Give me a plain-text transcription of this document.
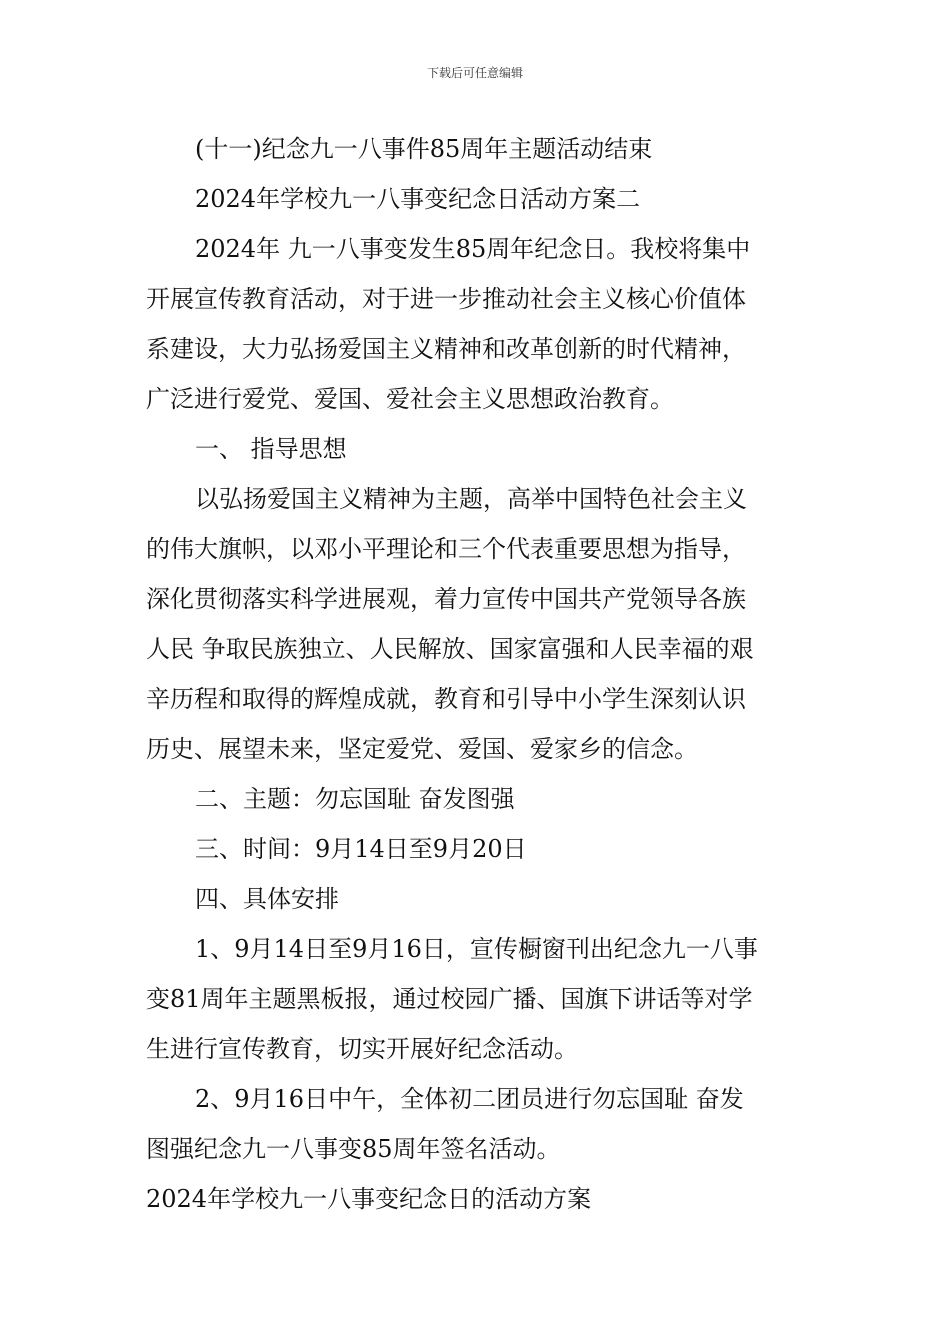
下载后可任意编辑
(十一)纪念九一八事件85周年主题活动结束
2024年学校九一八事变纪念日活动方案二
2024年 九一八事变发生85周年纪念日。我校将集中
开展宣传教育活动，对于进一步推动社会主义核心价值体
系建设，大力弘扬爱国主义精神和改革创新的时代精神，
广泛进行爱党、爱国、爱社会主义思想政治教育。
一、 指导思想
以弘扬爱国主义精神为主题，高举中国特色社会主义
的伟大旗帜，以邓小平理论和三个代表重要思想为指导，
深化贯彻落实科学进展观，着力宣传中国共产党领导各族
人民 争取民族独立、人民解放、国家富强和人民幸福的艰
辛历程和取得的辉煌成就，教育和引导中小学生深刻认识
历史、展望未来，坚定爱党、爱国、爱家乡的信念。
二、主题：勿忘国耻 奋发图强
三、时间：9月14日至9月20日
四、具体安排
1、9月14日至9月16日，宣传橱窗刊出纪念九一八事
变81周年主题黑板报，通过校园广播、国旗下讲话等对学
生进行宣传教育，切实开展好纪念活动。
2、9月16日中午，全体初二团员进行勿忘国耻 奋发
图强纪念九一八事变85周年签名活动。
2024年学校九一八事变纪念日的活动方案
